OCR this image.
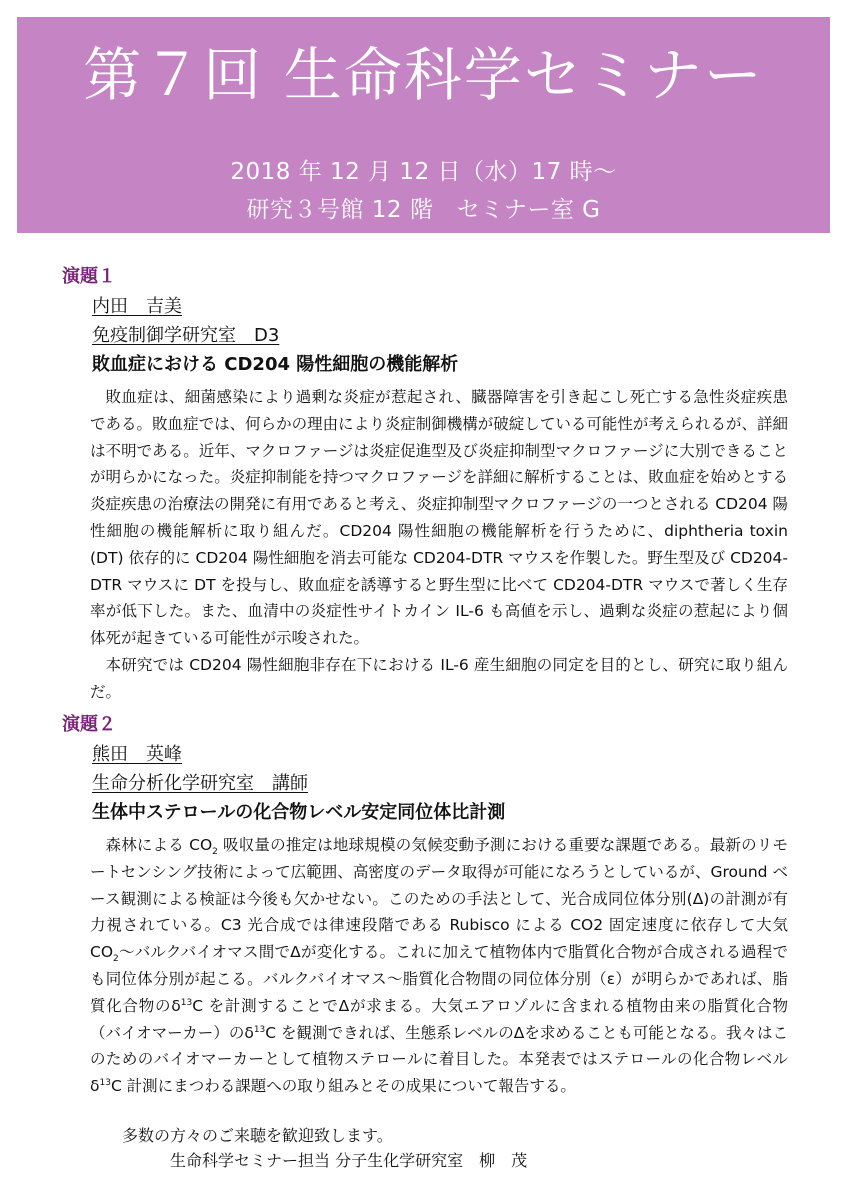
第７回 生命科学セミナー
2018 年 12 月 12 日（水）17 時〜
研究３号館 12 階　セミナー室 G
演題１
内田　吉美
免疫制御学研究室　D3
敗血症における CD204 陽性細胞の機能解析

敗血症は、細菌感染により過剰な炎症が惹起され、臓器障害を引き起こし死亡する急性炎症疾患である。敗血症では、何らかの理由により炎症制御機構が破綻している可能性が考えられるが、詳細は不明である。近年、マクロファージは炎症促進型及び炎症抑制型マクロファージに大別できることが明らかになった。炎症抑制能を持つマクロファージを詳細に解析することは、敗血症を始めとする炎症疾患の治療法の開発に有用であると考え、炎症抑制型マクロファージの一つとされる CD204 陽性細胞の機能解析に取り組んだ。CD204 陽性細胞の機能解析を行うために、diphtheria toxin (DT) 依存的に CD204 陽性細胞を消去可能な CD204-DTR マウスを作製した。野生型及び CD204-DTR マウスに DT を投与し、敗血症を誘導すると野生型に比べて CD204-DTR マウスで著しく生存率が低下した。また、血清中の炎症性サイトカイン IL-6 も高値を示し、過剰な炎症の惹起により個体死が起きている可能性が示唆された。

本研究では CD204 陽性細胞非存在下における IL-6 産生細胞の同定を目的とし、研究に取り組んだ。

演題２
熊田　英峰
生命分析化学研究室　講師
生体中ステロールの化合物レベル安定同位体比計測

森林による $CO_2$ 吸収量の推定は地球規模の気候変動予測における重要な課題である。最新のリモートセンシング技術によって広範囲、高密度のデータ取得が可能になろうとしているが、Ground ベース観測による検証は今後も欠かせない。このための手法として、光合成同位体分別(Δ)の計測が有力視されている。C3 光合成では律速段階である Rubisco による CO2 固定速度に依存して大気 $CO_2$〜バルクバイオマス間でΔが変化する。これに加えて植物体内で脂質化合物が合成される過程でも同位体分別が起こる。バルクバイオマス〜脂質化合物間の同位体分別（ε）が明らかであれば、脂質化合物の$\delta^{13}C$ を計測することでΔが求まる。大気エアロゾルに含まれる植物由来の脂質化合物（バイオマーカー）の$\delta^{13}C$ を観測できれば、生態系レベルのΔを求めることも可能となる。我々はこのためのバイオマーカーとして植物ステロールに着目した。本発表ではステロールの化合物レベル$\delta^{13}C$ 計測にまつわる課題への取り組みとその成果について報告する。

多数の方々のご来聴を歓迎致します。
生命科学セミナー担当 分子生化学研究室　柳　茂
